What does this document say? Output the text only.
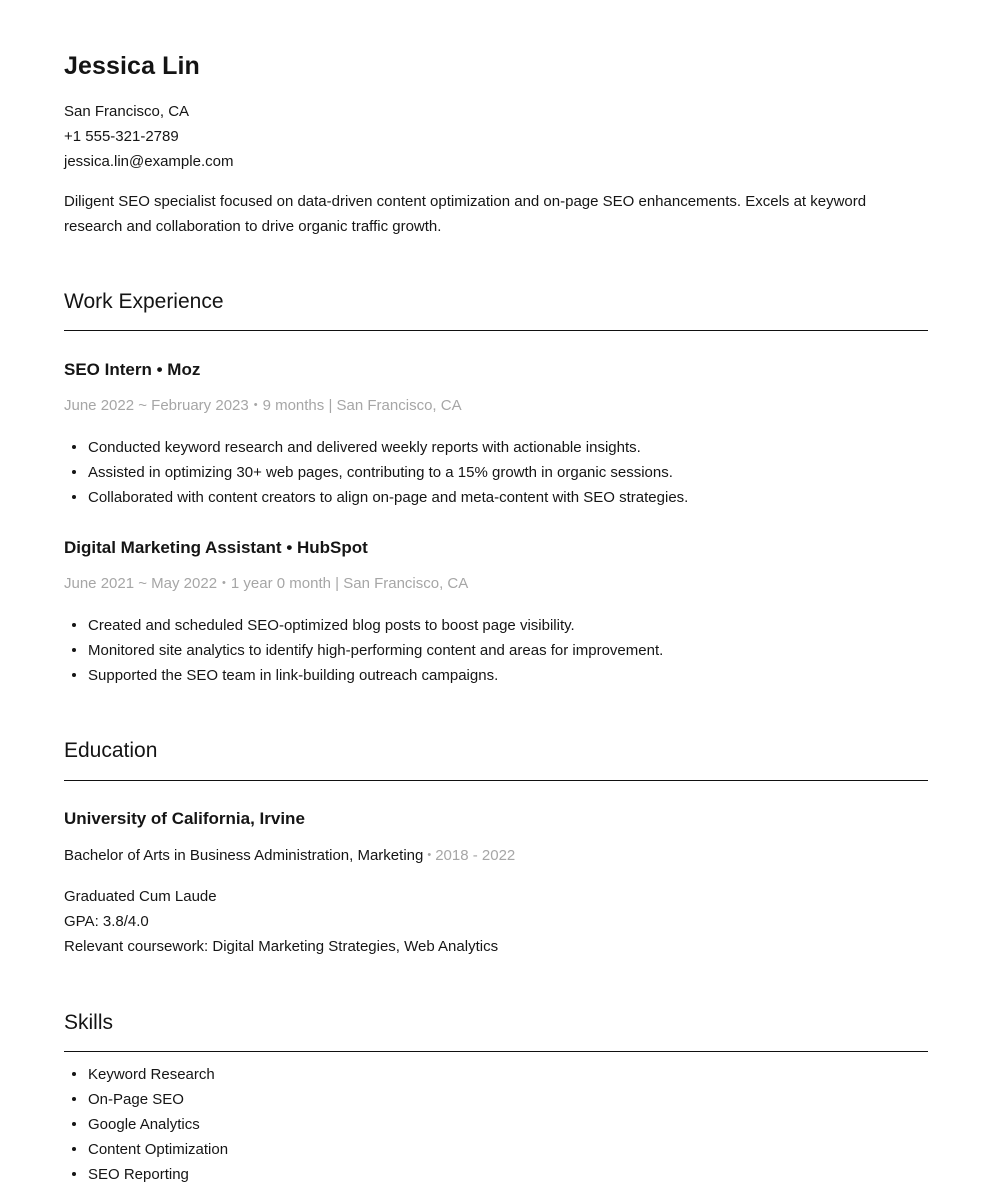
Jessica Lin
San Francisco, CA
+1 555-321-2789
jessica.lin@example.com

Diligent SEO specialist focused on data-driven content optimization and on-page SEO enhancements. Excels at keyword research and collaboration to drive organic traffic growth.

Work Experience
SEO Intern • Moz
June 2022 ~ February 2023 • 9 months | San Francisco, CA
Conducted keyword research and delivered weekly reports with actionable insights.
Assisted in optimizing 30+ web pages, contributing to a 15% growth in organic sessions.
Collaborated with content creators to align on-page and meta-content with SEO strategies.
Digital Marketing Assistant • HubSpot
June 2021 ~ May 2022 • 1 year 0 month | San Francisco, CA
Created and scheduled SEO-optimized blog posts to boost page visibility.
Monitored site analytics to identify high-performing content and areas for improvement.
Supported the SEO team in link-building outreach campaigns.
Education
University of California, Irvine
Bachelor of Arts in Business Administration, Marketing • 2018 - 2022
Graduated Cum Laude
GPA: 3.8/4.0
Relevant coursework: Digital Marketing Strategies, Web Analytics
Skills
Keyword Research
On-Page SEO
Google Analytics
Content Optimization
SEO Reporting
